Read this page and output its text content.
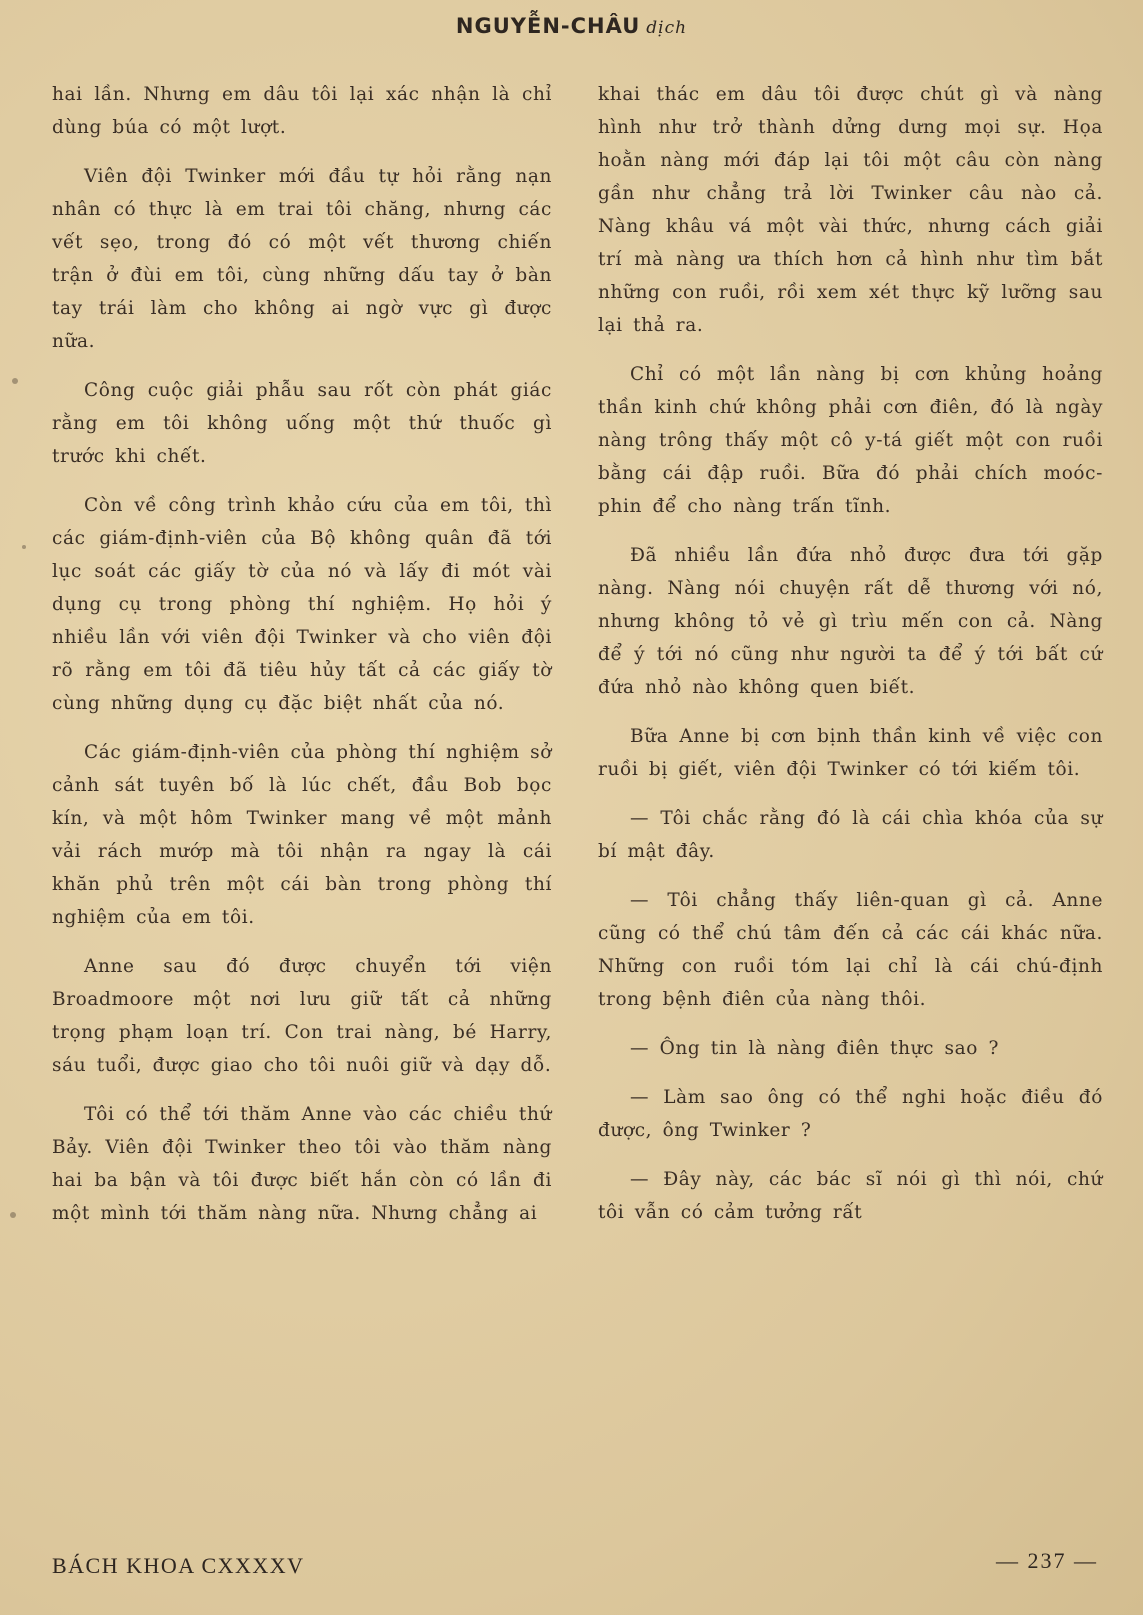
NGUYỄN-CHÂU dịch

hai lần. Nhưng em dâu tôi lại xác nhận là chỉ dùng búa có một lượt.

Viên đội Twinker mới đầu tự hỏi rằng nạn nhân có thực là em trai tôi chăng, nhưng các vết sẹo, trong đó có một vết thương chiến trận ở đùi em tôi, cùng những dấu tay ở bàn tay trái làm cho không ai ngờ vực gì được nữa.

Công cuộc giải phẫu sau rốt còn phát giác rằng em tôi không uống một thứ thuốc gì trước khi chết.

Còn về công trình khảo cứu của em tôi, thì các giám-định-viên của Bộ không quân đã tới lục soát các giấy tờ của nó và lấy đi mót vài dụng cụ trong phòng thí nghiệm. Họ hỏi ý nhiều lần với viên đội Twinker và cho viên đội rõ rằng em tôi đã tiêu hủy tất cả các giấy tờ cùng những dụng cụ đặc biệt nhất của nó.

Các giám-định-viên của phòng thí nghiệm sở cảnh sát tuyên bố là lúc chết, đầu Bob bọc kín, và một hôm Twinker mang về một mảnh vải rách mướp mà tôi nhận ra ngay là cái khăn phủ trên một cái bàn trong phòng thí nghiệm của em tôi.

Anne sau đó được chuyển tới viện Broadmoore một nơi lưu giữ tất cả những trọng phạm loạn trí. Con trai nàng, bé Harry, sáu tuổi, được giao cho tôi nuôi giữ và dạy dỗ.

Tôi có thể tới thăm Anne vào các chiều thứ Bảy. Viên đội Twinker theo tôi vào thăm nàng hai ba bận và tôi được biết hắn còn có lần đi một mình tới thăm nàng nữa. Nhưng chẳng ai

khai thác em dâu tôi được chút gì và nàng hình như trở thành dửng dưng mọi sự. Họa hoằn nàng mới đáp lại tôi một câu còn nàng gần như chẳng trả lời Twinker câu nào cả. Nàng khâu vá một vài thức, nhưng cách giải trí mà nàng ưa thích hơn cả hình như tìm bắt những con ruồi, rồi xem xét thực kỹ lưỡng sau lại thả ra.

Chỉ có một lần nàng bị cơn khủng hoảng thần kinh chứ không phải cơn điên, đó là ngày nàng trông thấy một cô y-tá giết một con ruồi bằng cái đập ruồi. Bữa đó phải chích moóc-phin để cho nàng trấn tĩnh.

Đã nhiều lần đứa nhỏ được đưa tới gặp nàng. Nàng nói chuyện rất dễ thương với nó, nhưng không tỏ vẻ gì trìu mến con cả. Nàng để ý tới nó cũng như người ta để ý tới bất cứ đứa nhỏ nào không quen biết.

Bữa Anne bị cơn bịnh thần kinh về việc con ruồi bị giết, viên đội Twinker có tới kiếm tôi.

— Tôi chắc rằng đó là cái chìa khóa của sự bí mật đây.

— Tôi chẳng thấy liên-quan gì cả. Anne cũng có thể chú tâm đến cả các cái khác nữa. Những con ruồi tóm lại chỉ là cái chú-định trong bệnh điên của nàng thôi.

— Ông tin là nàng điên thực sao ?

— Làm sao ông có thể nghi hoặc điều đó được, ông Twinker ?

— Đây này, các bác sĩ nói gì thì nói, chứ tôi vẫn có cảm tưởng rất

BÁCH KHOA CXXXXV	— 237 —
